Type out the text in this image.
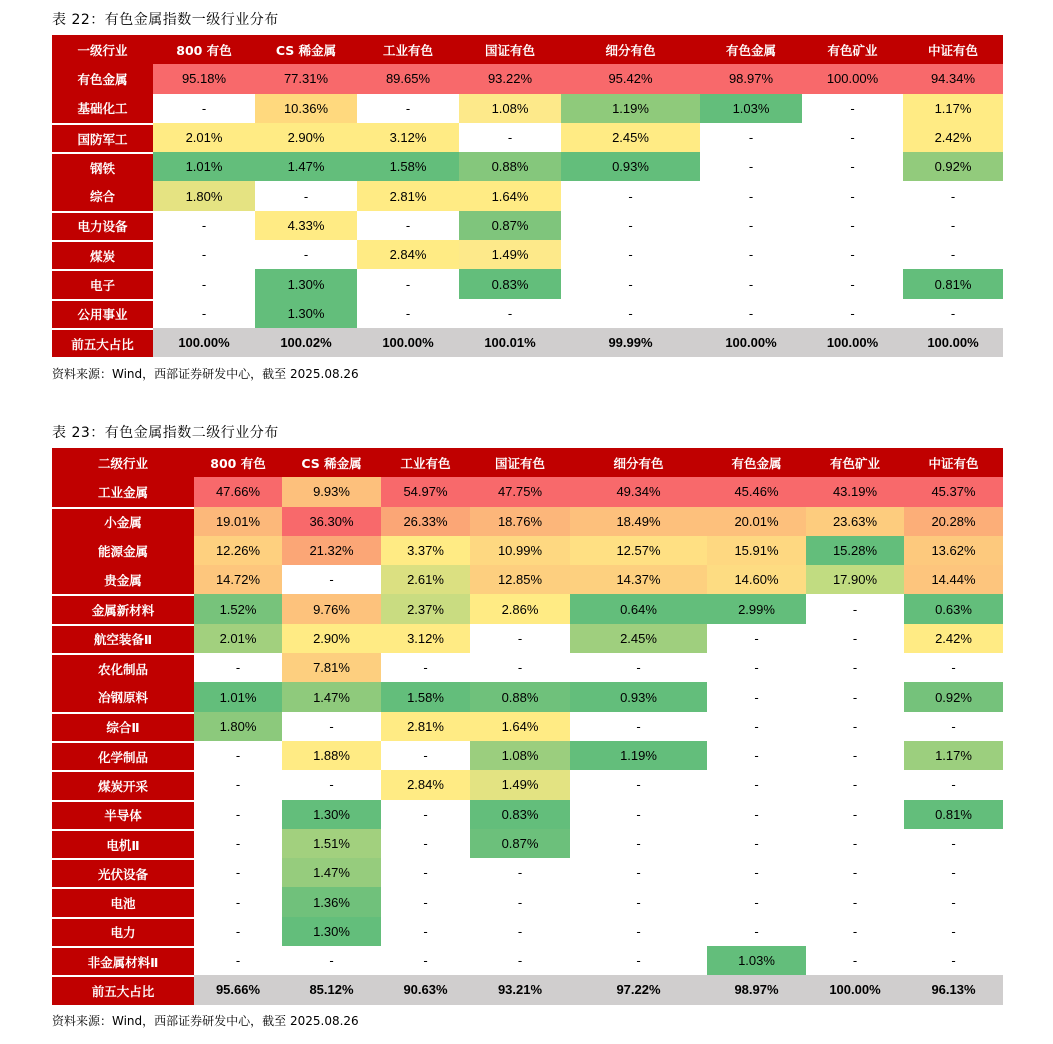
表 22：有色金属指数一级行业分布
一级行业	800 有色	CS 稀金属	工业有色	国证有色	细分有色	有色金属	有色矿业	中证有色
有色金属	95.18%	77.31%	89.65%	93.22%	95.42%	98.97%	100.00%	94.34%
基础化工	-	10.36%	-	1.08%	1.19%	1.03%	-	1.17%
国防军工	2.01%	2.90%	3.12%	-	2.45%	-	-	2.42%
钢铁	1.01%	1.47%	1.58%	0.88%	0.93%	-	-	0.92%
综合	1.80%	-	2.81%	1.64%	-	-	-	-
电力设备	-	4.33%	-	0.87%	-	-	-	-
煤炭	-	-	2.84%	1.49%	-	-	-	-
电子	-	1.30%	-	0.83%	-	-	-	0.81%
公用事业	-	1.30%	-	-	-	-	-	-
前五大占比	100.00%	100.02%	100.00%	100.01%	99.99%	100.00%	100.00%	100.00%
资料来源：Wind，西部证券研发中心，截至 2025.08.26
表 23：有色金属指数二级行业分布
二级行业	800 有色	CS 稀金属	工业有色	国证有色	细分有色	有色金属	有色矿业	中证有色
工业金属	47.66%	9.93%	54.97%	47.75%	49.34%	45.46%	43.19%	45.37%
小金属	19.01%	36.30%	26.33%	18.76%	18.49%	20.01%	23.63%	20.28%
能源金属	12.26%	21.32%	3.37%	10.99%	12.57%	15.91%	15.28%	13.62%
贵金属	14.72%	-	2.61%	12.85%	14.37%	14.60%	17.90%	14.44%
金属新材料	1.52%	9.76%	2.37%	2.86%	0.64%	2.99%	-	0.63%
航空装备Ⅱ	2.01%	2.90%	3.12%	-	2.45%	-	-	2.42%
农化制品	-	7.81%	-	-	-	-	-	-
冶钢原料	1.01%	1.47%	1.58%	0.88%	0.93%	-	-	0.92%
综合Ⅱ	1.80%	-	2.81%	1.64%	-	-	-	-
化学制品	-	1.88%	-	1.08%	1.19%	-	-	1.17%
煤炭开采	-	-	2.84%	1.49%	-	-	-	-
半导体	-	1.30%	-	0.83%	-	-	-	0.81%
电机Ⅱ	-	1.51%	-	0.87%	-	-	-	-
光伏设备	-	1.47%	-	-	-	-	-	-
电池	-	1.36%	-	-	-	-	-	-
电力	-	1.30%	-	-	-	-	-	-
非金属材料Ⅱ	-	-	-	-	-	1.03%	-	-
前五大占比	95.66%	85.12%	90.63%	93.21%	97.22%	98.97%	100.00%	96.13%
资料来源：Wind，西部证券研发中心，截至 2025.08.26
